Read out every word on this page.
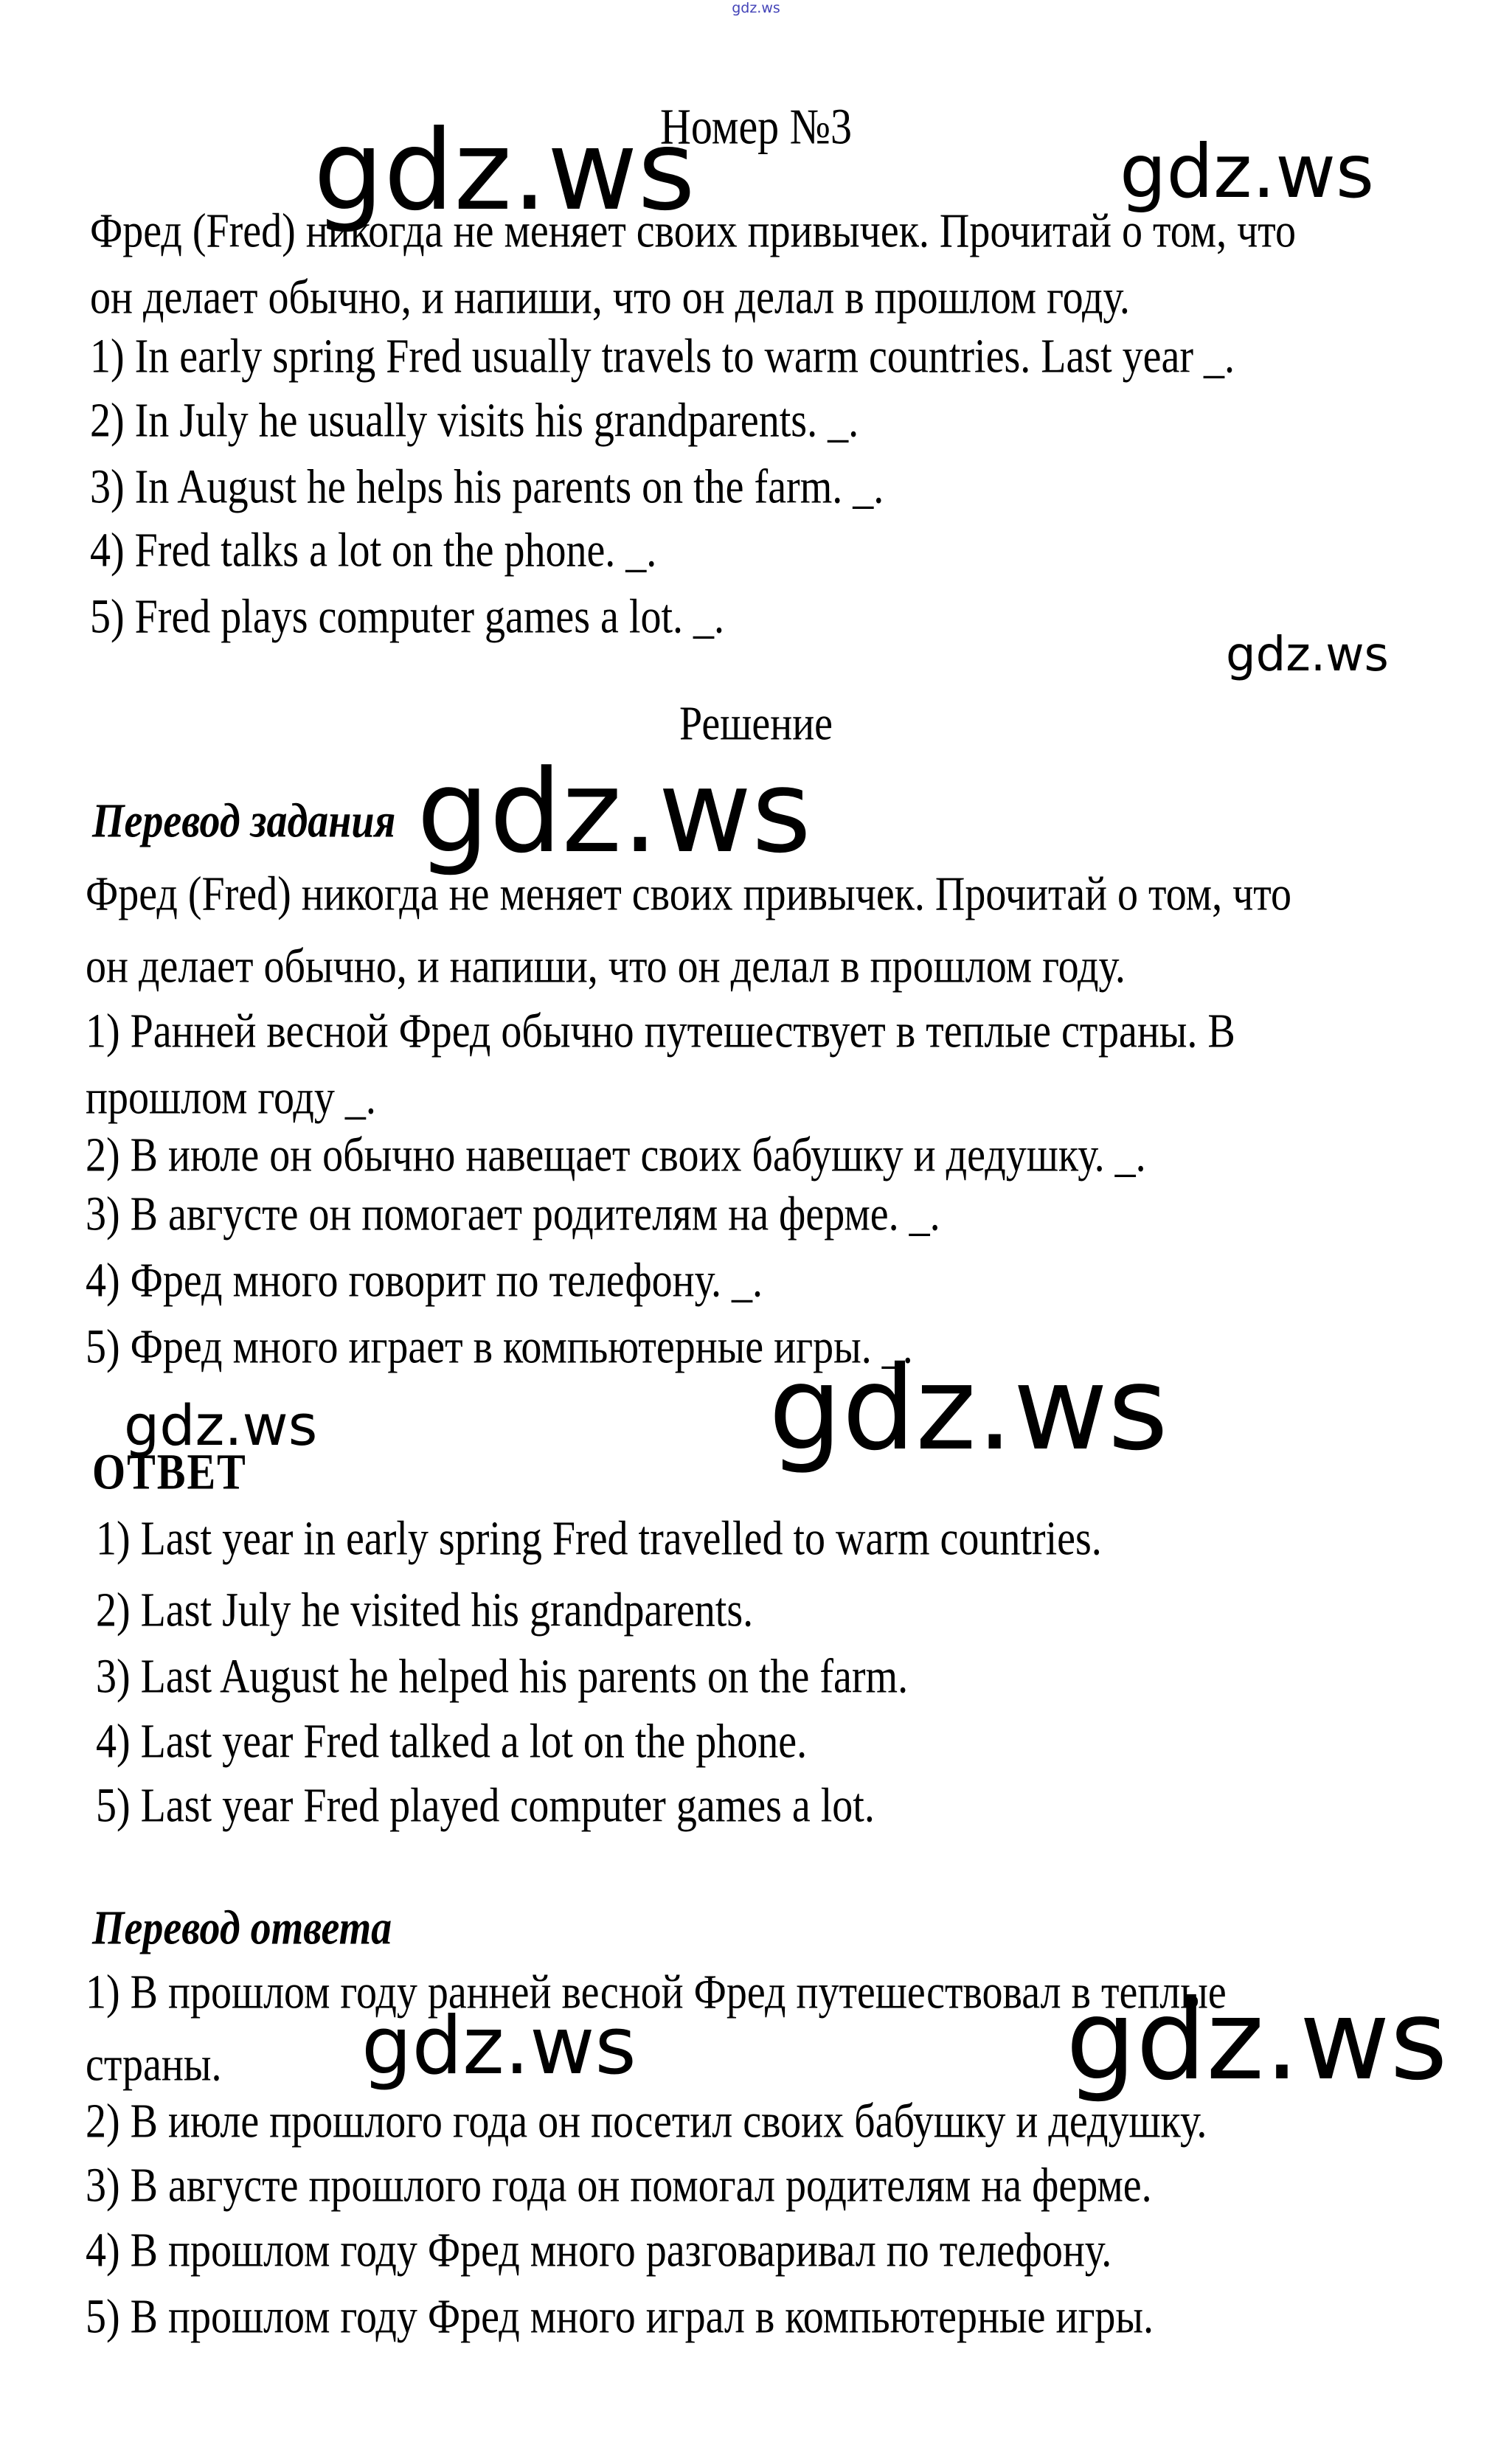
gdz.ws
Номер №3
gdz.ws	gdz.ws
Фред (Fred) никогда не меняет своих привычек. Прочитай о том, что
он делает обычно, и напиши, что он делал в прошлом году.
1) In early spring Fred usually travels to warm countries. Last year _.
2) In July he usually visits his grandparents. _.
3) In August he helps his parents on the farm. _.
4) Fred talks a lot on the phone. _.
5) Fred plays computer games a lot. _.
gdz.ws
Решение
Перевод задания gdz.ws
Фред (Fred) никогда не меняет своих привычек. Прочитай о том, что
он делает обычно, и напиши, что он делал в прошлом году.
1) Ранней весной Фред обычно путешествует в теплые страны. В
прошлом году _.
2) В июле он обычно навещает своих бабушку и дедушку. _.
3) В августе он помогает родителям на ферме. _.
4) Фред много говорит по телефону. _.
5) Фред много играет в компьютерные игры. _.
gdz.ws
gdz.ws
ОТВЕТ
1) Last year in early spring Fred travelled to warm countries.
2) Last July he visited his grandparents.
3) Last August he helped his parents on the farm.
4) Last year Fred talked a lot on the phone.
5) Last year Fred played computer games a lot.
Перевод ответа
1) В прошлом году ранней весной Фред путешествовал в теплые
страны. gdz.ws	gdz.ws
2) В июле прошлого года он посетил своих бабушку и дедушку.
3) В августе прошлого года он помогал родителям на ферме.
4) В прошлом году Фред много разговаривал по телефону.
5) В прошлом году Фред много играл в компьютерные игры.
